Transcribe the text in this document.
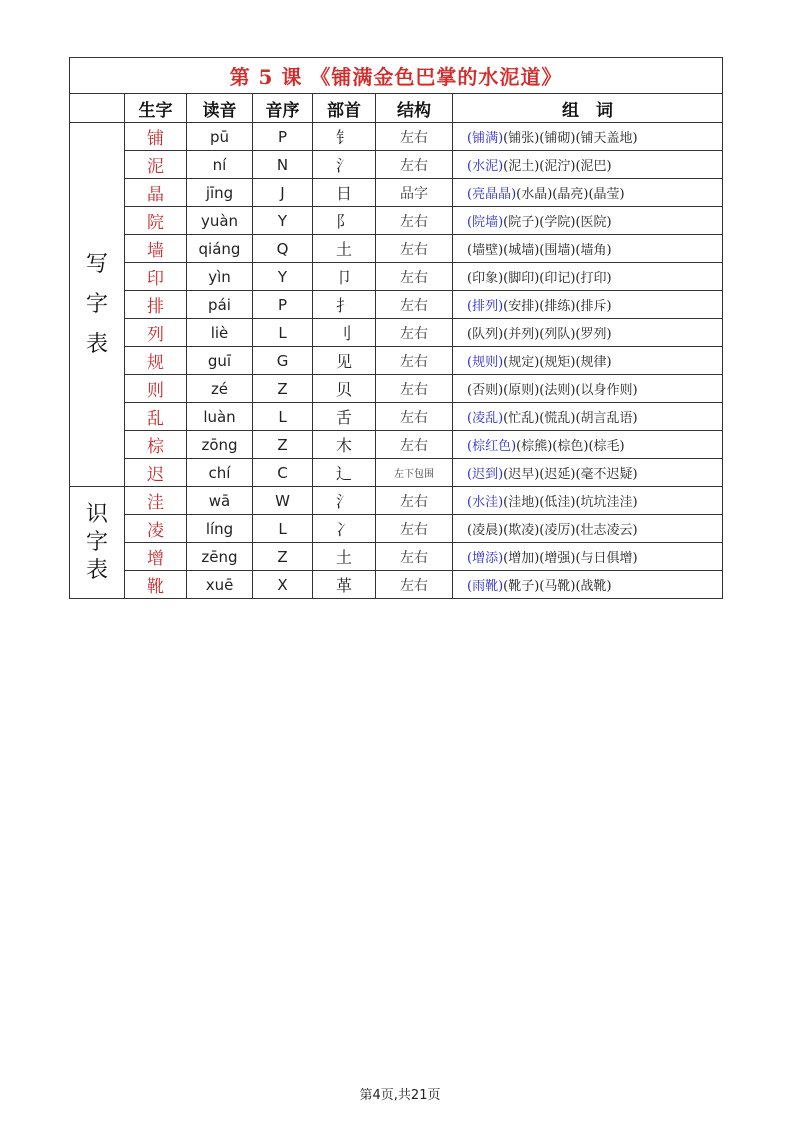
第 5 课 《铺满金色巴掌的水泥道》						
	生字	读音	音序	部首	结构	组　词

写
字
表	铺	pū	P	钅	左右	(铺满)(铺张)(铺砌)(铺天盖地)
	泥	ní	N	氵	左右	(水泥)(泥土)(泥泞)(泥巴)
	晶	jīng	J	日	品字	(亮晶晶)(水晶)(晶亮)(晶莹)
	院	yuàn	Y	阝	左右	(院墙)(院子)(学院)(医院)
	墙	qiáng	Q	土	左右	(墙壁)(城墙)(围墙)(墙角)
	印	yìn	Y	卩	左右	(印象)(脚印)(印记)(打印)
	排	pái	P	扌	左右	(排列)(安排)(排练)(排斥)
	列	liè	L	刂	左右	(队列)(并列)(列队)(罗列)
	规	guī	G	见	左右	(规则)(规定)(规矩)(规律)
	则	zé	Z	贝	左右	(否则)(原则)(法则)(以身作则)
	乱	luàn	L	舌	左右	(凌乱)(忙乱)(慌乱)(胡言乱语)
	棕	zōng	Z	木	左右	(棕红色)(棕熊)(棕色)(棕毛)
	迟	chí	C	辶	左下包围	(迟到)(迟早)(迟延)(毫不迟疑)

识
字
表	洼	wā	W	氵	左右	(水洼)(洼地)(低洼)(坑坑洼洼)
	凌	líng	L	冫	左右	(凌晨)(欺凌)(凌厉)(壮志凌云)
	增	zēng	Z	土	左右	(增添)(增加)(增强)(与日俱增)
	靴	xuē	X	革	左右	(雨靴)(靴子)(马靴)(战靴)
第4页,共21页
